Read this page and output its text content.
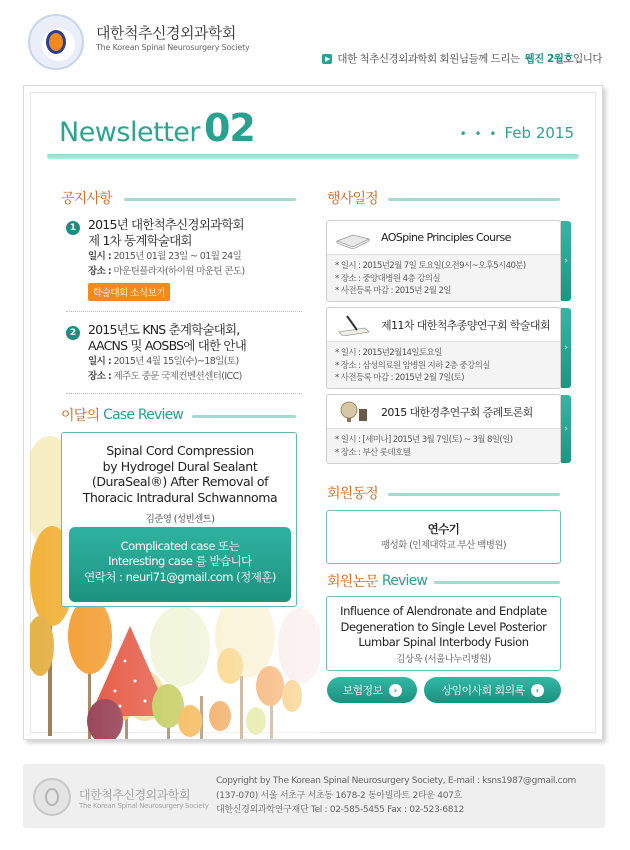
대한척추신경외과학회
The Korean Spinal Neurosurgery Society
▶ 대한 척추신경외과학회 회원님들께 드리는 웹진 2월호 입니다
Newsletter 02	• • • Feb 2015
공지사항
1 2015년 대한척추신경외과학회
제 1차 동계학술대회
일시 : 2015년 01월 23일 ~ 01월 24일
장소 : 마운틴플라자(하이원 마운틴 콘도)
학술대회 소식보기
2 2015년도 KNS 춘계학술대회,
AACNS 및 AOSBS에 대한 안내
일시 : 2015년 4월 15일(수)~18일(토)
장소 : 제주도 중문 국제컨벤션센터(ICC)
이달의 Case Review
Spinal Cord Compression
by Hydrogel Dural Sealant
(DuraSeal®) After Removal of
Thoracic Intradural Schwannoma
김준영 (성빈센트)
Complicated case 또는
Interesting case 를 받습니다
연락처 : neuri71@gmail.com (정제훈)
행사일정
AOSpine Principles Course
* 일시 : 2015년2월 7일 토요일(오전9시~오후5시40분)
* 장소 : 중앙대병원 4층 강의실
* 사전등록 마감 : 2015년 2월 2일
›
제11차 대한척추종양연구회 학술대회
* 일시 : 2015년2월14일토요일
* 장소 : 삼성의료원 암병원 지하 2층 중강의실
* 사전등록 마감 : 2015년 2월 7일(토)
›
2015 대한경추연구회 증례토론회
* 일시 : [세미나] 2015년 3월 7일(토) ~ 3월 8일(일)
* 장소 : 부산 롯데호텔
›
회원동정
연수기
팽성화 (인제대학교 부산 백병원)
회원논문 Review
Influence of Alendronate and Endplate
Degeneration to Single Level Posterior
Lumbar Spinal Interbody Fusion
김상욱 (서울나누리병원)
보험정보	›	상임이사회 회의록	›
대한척추신경외과학회
The Korean Spinal Neurosurgery Society
Copyright by The Korean Spinal Neurosurgery Society, E-mail : ksns1987@gmail.com
(137-070) 서울 서초구 서초동 1678-2 동아빌라트 2타운 407호
대한신경외과학연구재단 Tel : 02-585-5455 Fax : 02-523-6812
